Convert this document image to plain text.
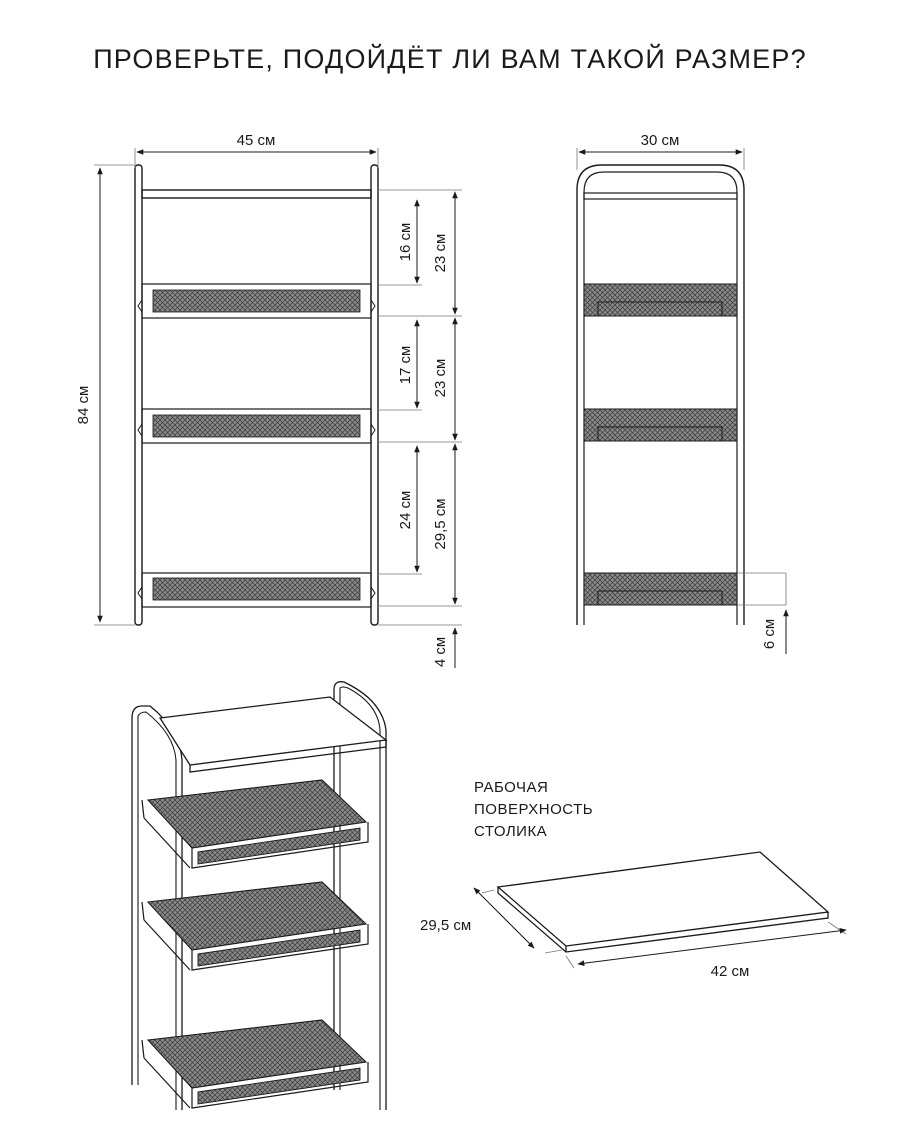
ПРОВЕРЬТЕ, ПОДОЙДЁТ ЛИ ВАМ ТАКОЙ РАЗМЕР?
45 см
84 см
16 см 23 см
17 см 23 см
24 см 29,5 см
4 см
30 см
6 см
РАБОЧАЯ
ПОВЕРХНОСТЬ
СТОЛИКА
29,5 см
42 см
